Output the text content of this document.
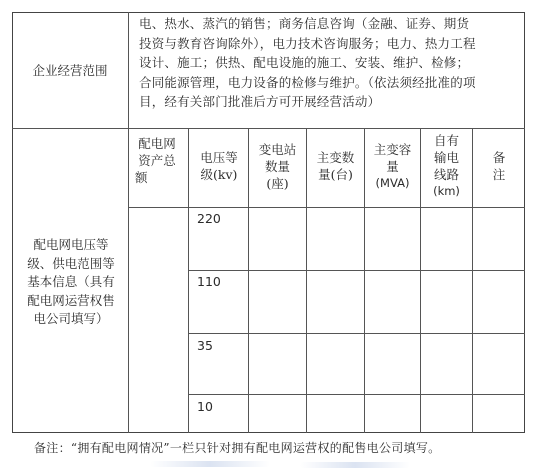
企业经营范围
电、热水、蒸汽的销售；商务信息咨询（金融、证券、期货
投资与教育咨询除外），电力技术咨询服务；电力、热力工程
设计、施工；供热、配电设施的施工、安装、维护、检修；
合同能源管理，电力设备的检修与维护。（依法须经批准的项
目，经有关部门批准后方可开展经营活动）
配电网电压等
级、供电范围等
基本信息（具有
配电网运营权售
电公司填写）
配电网
资产总
额
电压等
级(kv)
变电站
数量
(座)
主变数
量(台)
主变容
量
(MVA)
自有
输电
线路
(km)
备
注
220
110
35
10
备注：“拥有配电网情况”一栏只针对拥有配电网运营权的配售电公司填写。
